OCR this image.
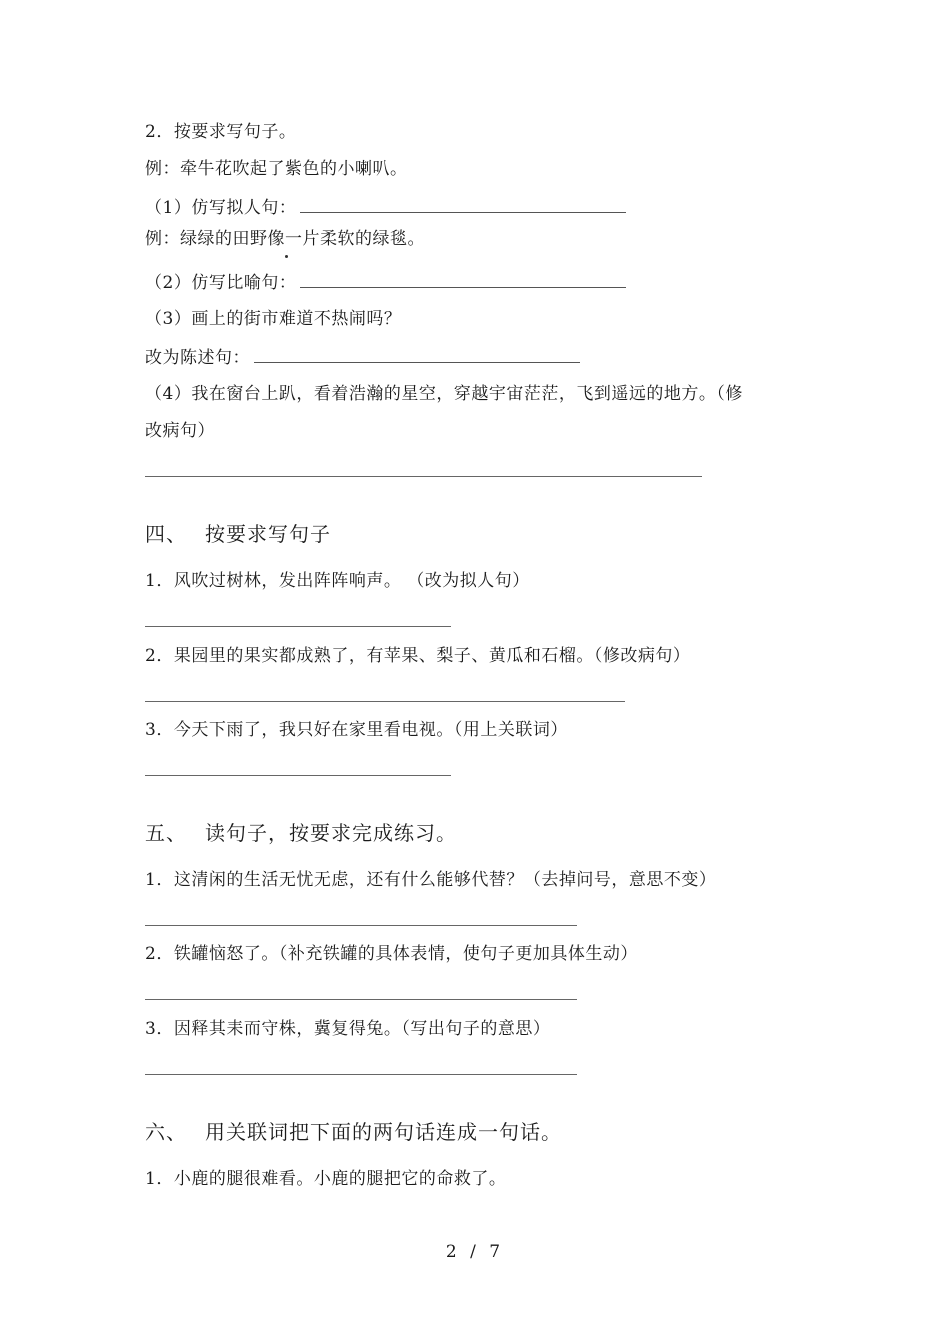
2．按要求写句子。
例：牵牛花吹起了紫色的小喇叭。
（1）仿写拟人句：
例：绿绿的田野像一片柔软的绿毯。
（2）仿写比喻句：
（3）画上的街市难道不热闹吗？
改为陈述句：
（4）我在窗台上趴，看着浩瀚的星空，穿越宇宙茫茫，飞到遥远的地方。（修
改病句）
四、 按要求写句子
1．风吹过树林，发出阵阵响声。 （改为拟人句）
2．果园里的果实都成熟了，有苹果、梨子、黄瓜和石榴。（修改病句）
3．今天下雨了，我只好在家里看电视。（用上关联词）
五、 读句子，按要求完成练习。
1．这清闲的生活无忧无虑，还有什么能够代替？（去掉问号，意思不变）
2．铁罐恼怒了。（补充铁罐的具体表情，使句子更加具体生动）
3．因释其耒而守株，冀复得兔。（写出句子的意思）
六、 用关联词把下面的两句话连成一句话。
1．小鹿的腿很难看。小鹿的腿把它的命救了。
2 / 7
